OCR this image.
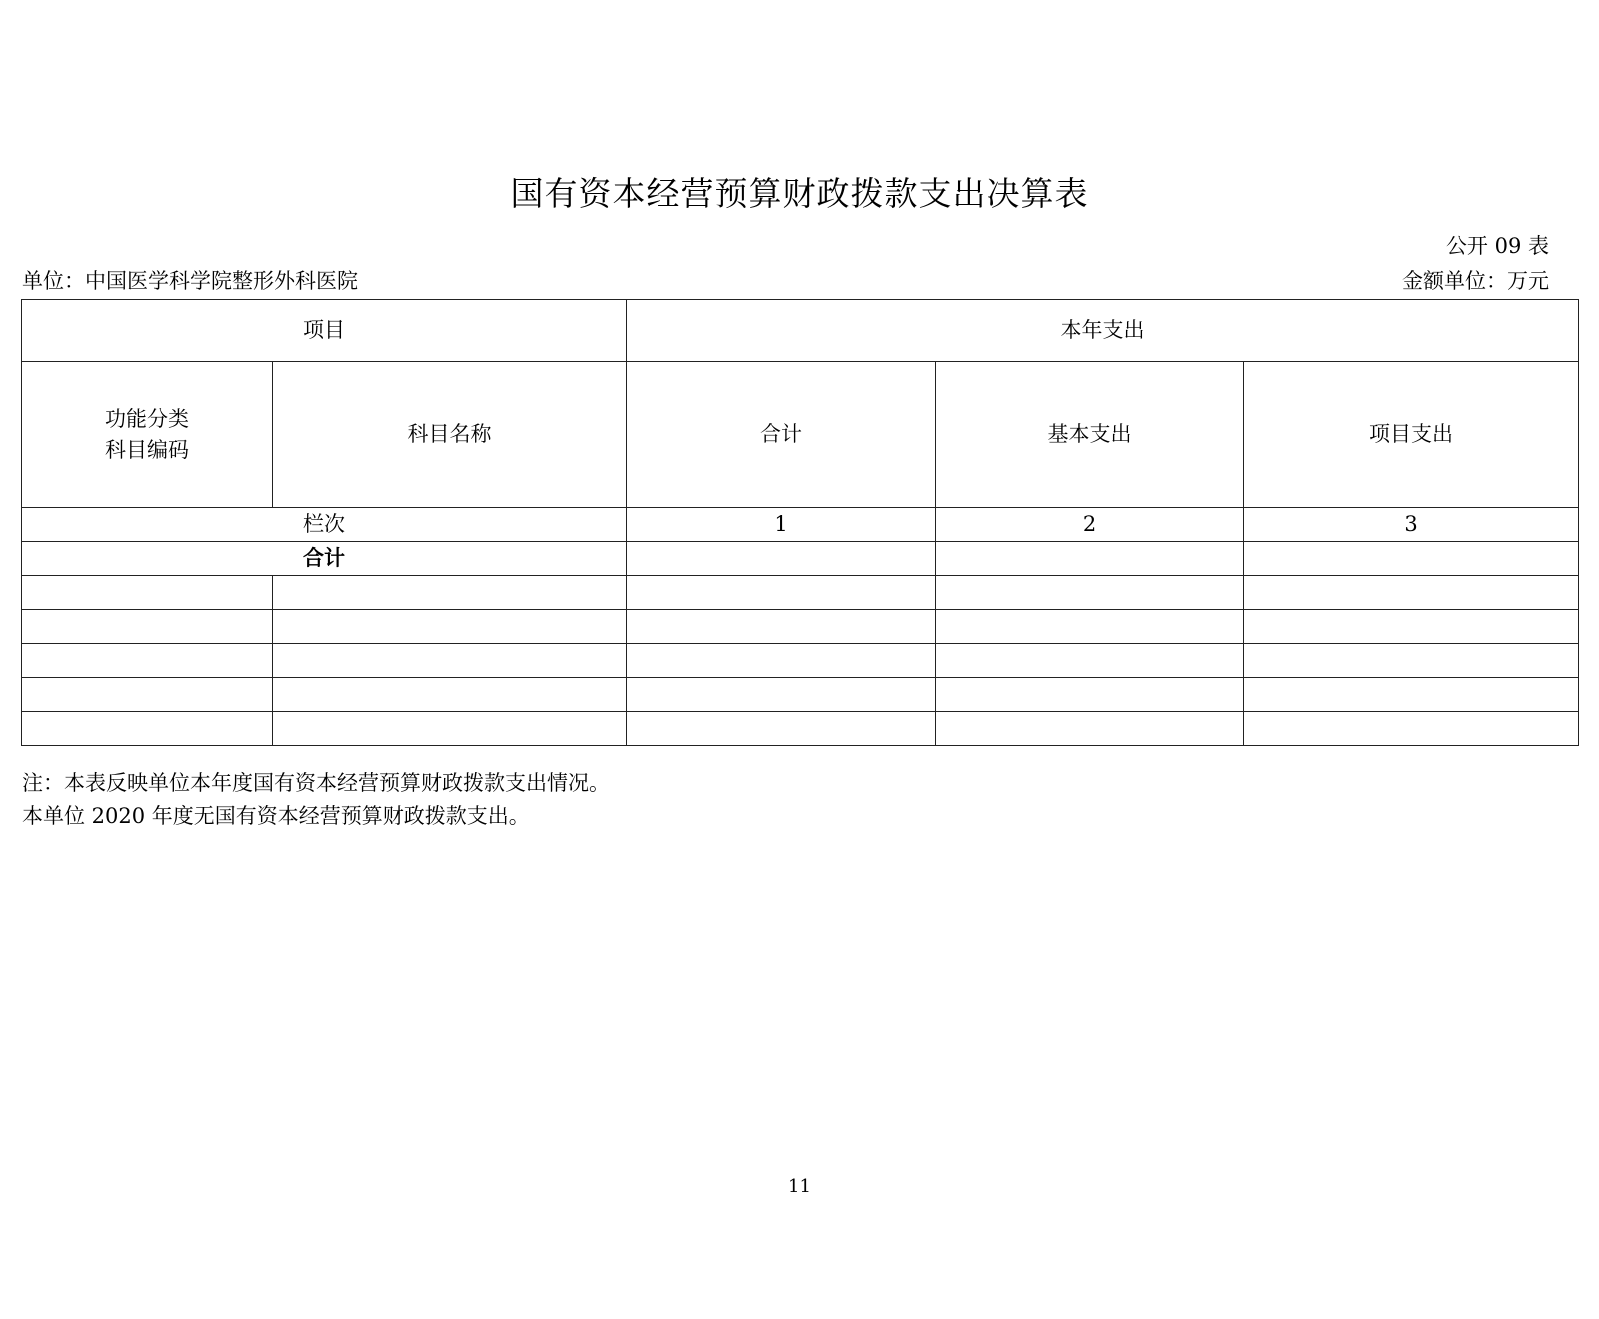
国有资本经营预算财政拨款支出决算表
公开 09 表
单位：中国医学科学院整形外科医院	金额单位：万元
项目		本年支出		

功能分类
科目编码	科目名称	合计	基本支出	项目支出
栏次		1	2	3
合计				

注：本表反映单位本年度国有资本经营预算财政拨款支出情况。
本单位 2020 年度无国有资本经营预算财政拨款支出。
11
